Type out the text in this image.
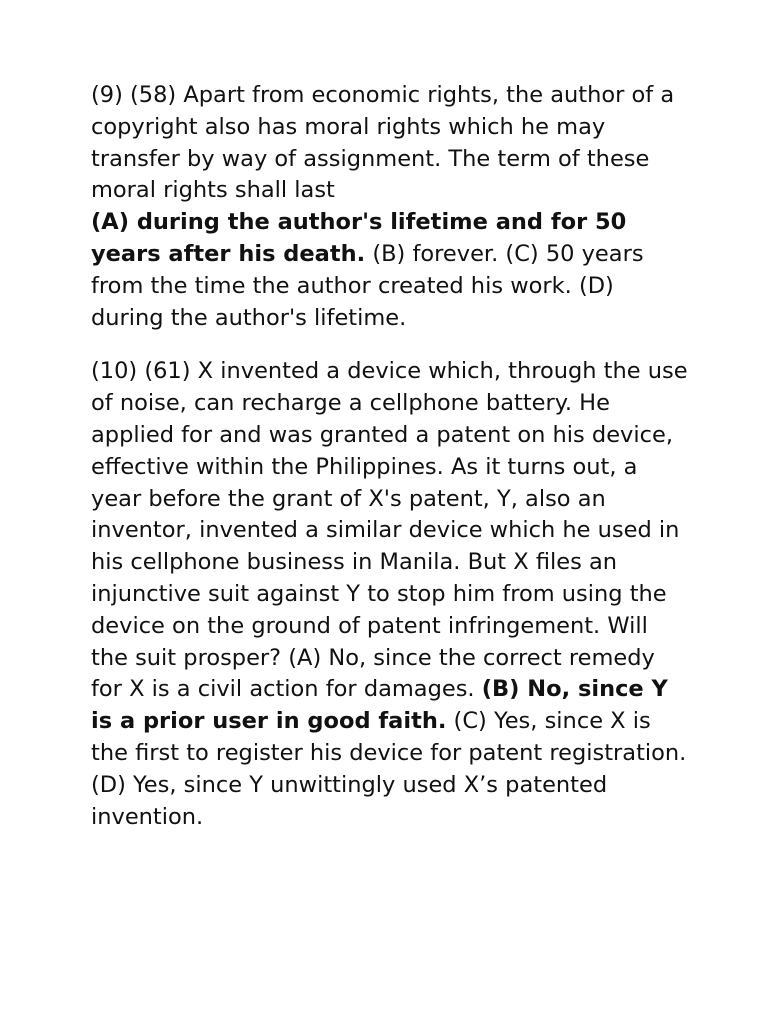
(9) (58) Apart from economic rights, the author of a copyright also has moral rights which he may transfer by way of assignment. The term of these moral rights shall last
(A) during the author's lifetime and for 50 years after his death. (B) forever. (C) 50 years from the time the author created his work. (D) during the author's lifetime.

(10) (61) X invented a device which, through the use of noise, can recharge a cellphone battery. He applied for and was granted a patent on his device, effective within the Philippines. As it turns out, a year before the grant of X's patent, Y, also an inventor, invented a similar device which he used in his cellphone business in Manila. But X files an injunctive suit against Y to stop him from using the device on the ground of patent infringement. Will the suit prosper? (A) No, since the correct remedy for X is a civil action for damages. (B) No, since Y is a prior user in good faith. (C) Yes, since X is the first to register his device for patent registration. (D) Yes, since Y unwittingly used X’s patented invention.
